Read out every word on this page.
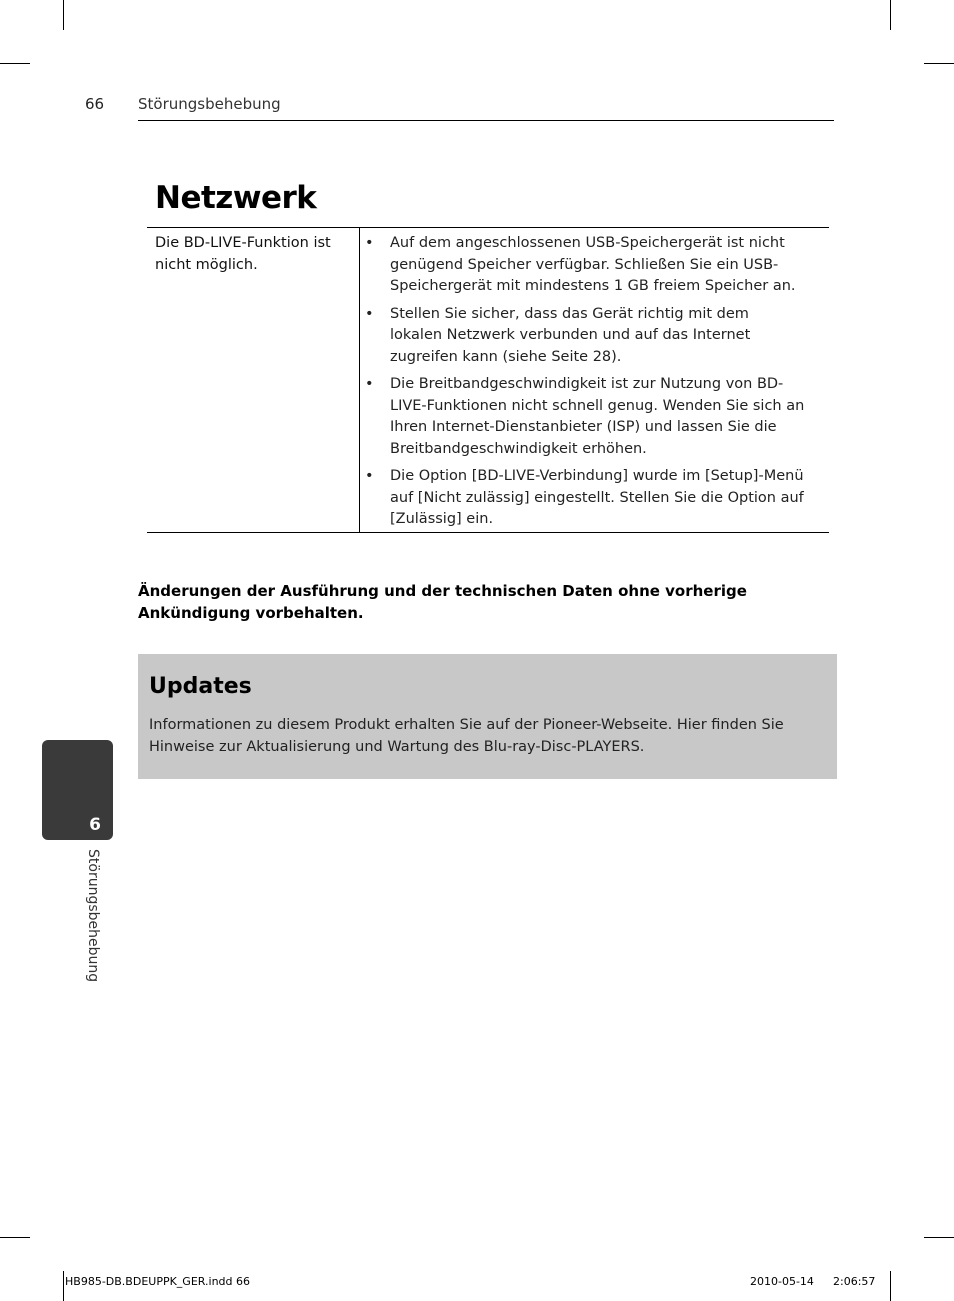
66 Störungsbehebung
Netzwerk
Die BD-LIVE-Funktion ist nicht möglich.
• Auf dem angeschlossenen USB-Speichergerät ist nicht genügend Speicher verfügbar. Schließen Sie ein USB-Speichergerät mit mindestens 1 GB freiem Speicher an.
• Stellen Sie sicher, dass das Gerät richtig mit dem lokalen Netzwerk verbunden und auf das Internet zugreifen kann (siehe Seite 28).
• Die Breitbandgeschwindigkeit ist zur Nutzung von BD-LIVE-Funktionen nicht schnell genug. Wenden Sie sich an Ihren Internet-Dienstanbieter (ISP) und lassen Sie die Breitbandgeschwindigkeit erhöhen.
• Die Option [BD-LIVE-Verbindung] wurde im [Setup]-Menü auf [Nicht zulässig] eingestellt. Stellen Sie die Option auf [Zulässig] ein.

Änderungen der Ausführung und der technischen Daten ohne vorherige Ankündigung vorbehalten.

Updates

Informationen zu diesem Produkt erhalten Sie auf der Pioneer-Webseite. Hier finden Sie Hinweise zur Aktualisierung und Wartung des Blu-ray-Disc-PLAYERS.

6
Störungsbehebung
HB985-DB.BDEUPPK_GER.indd 66	2010-05-14 2:06:57
